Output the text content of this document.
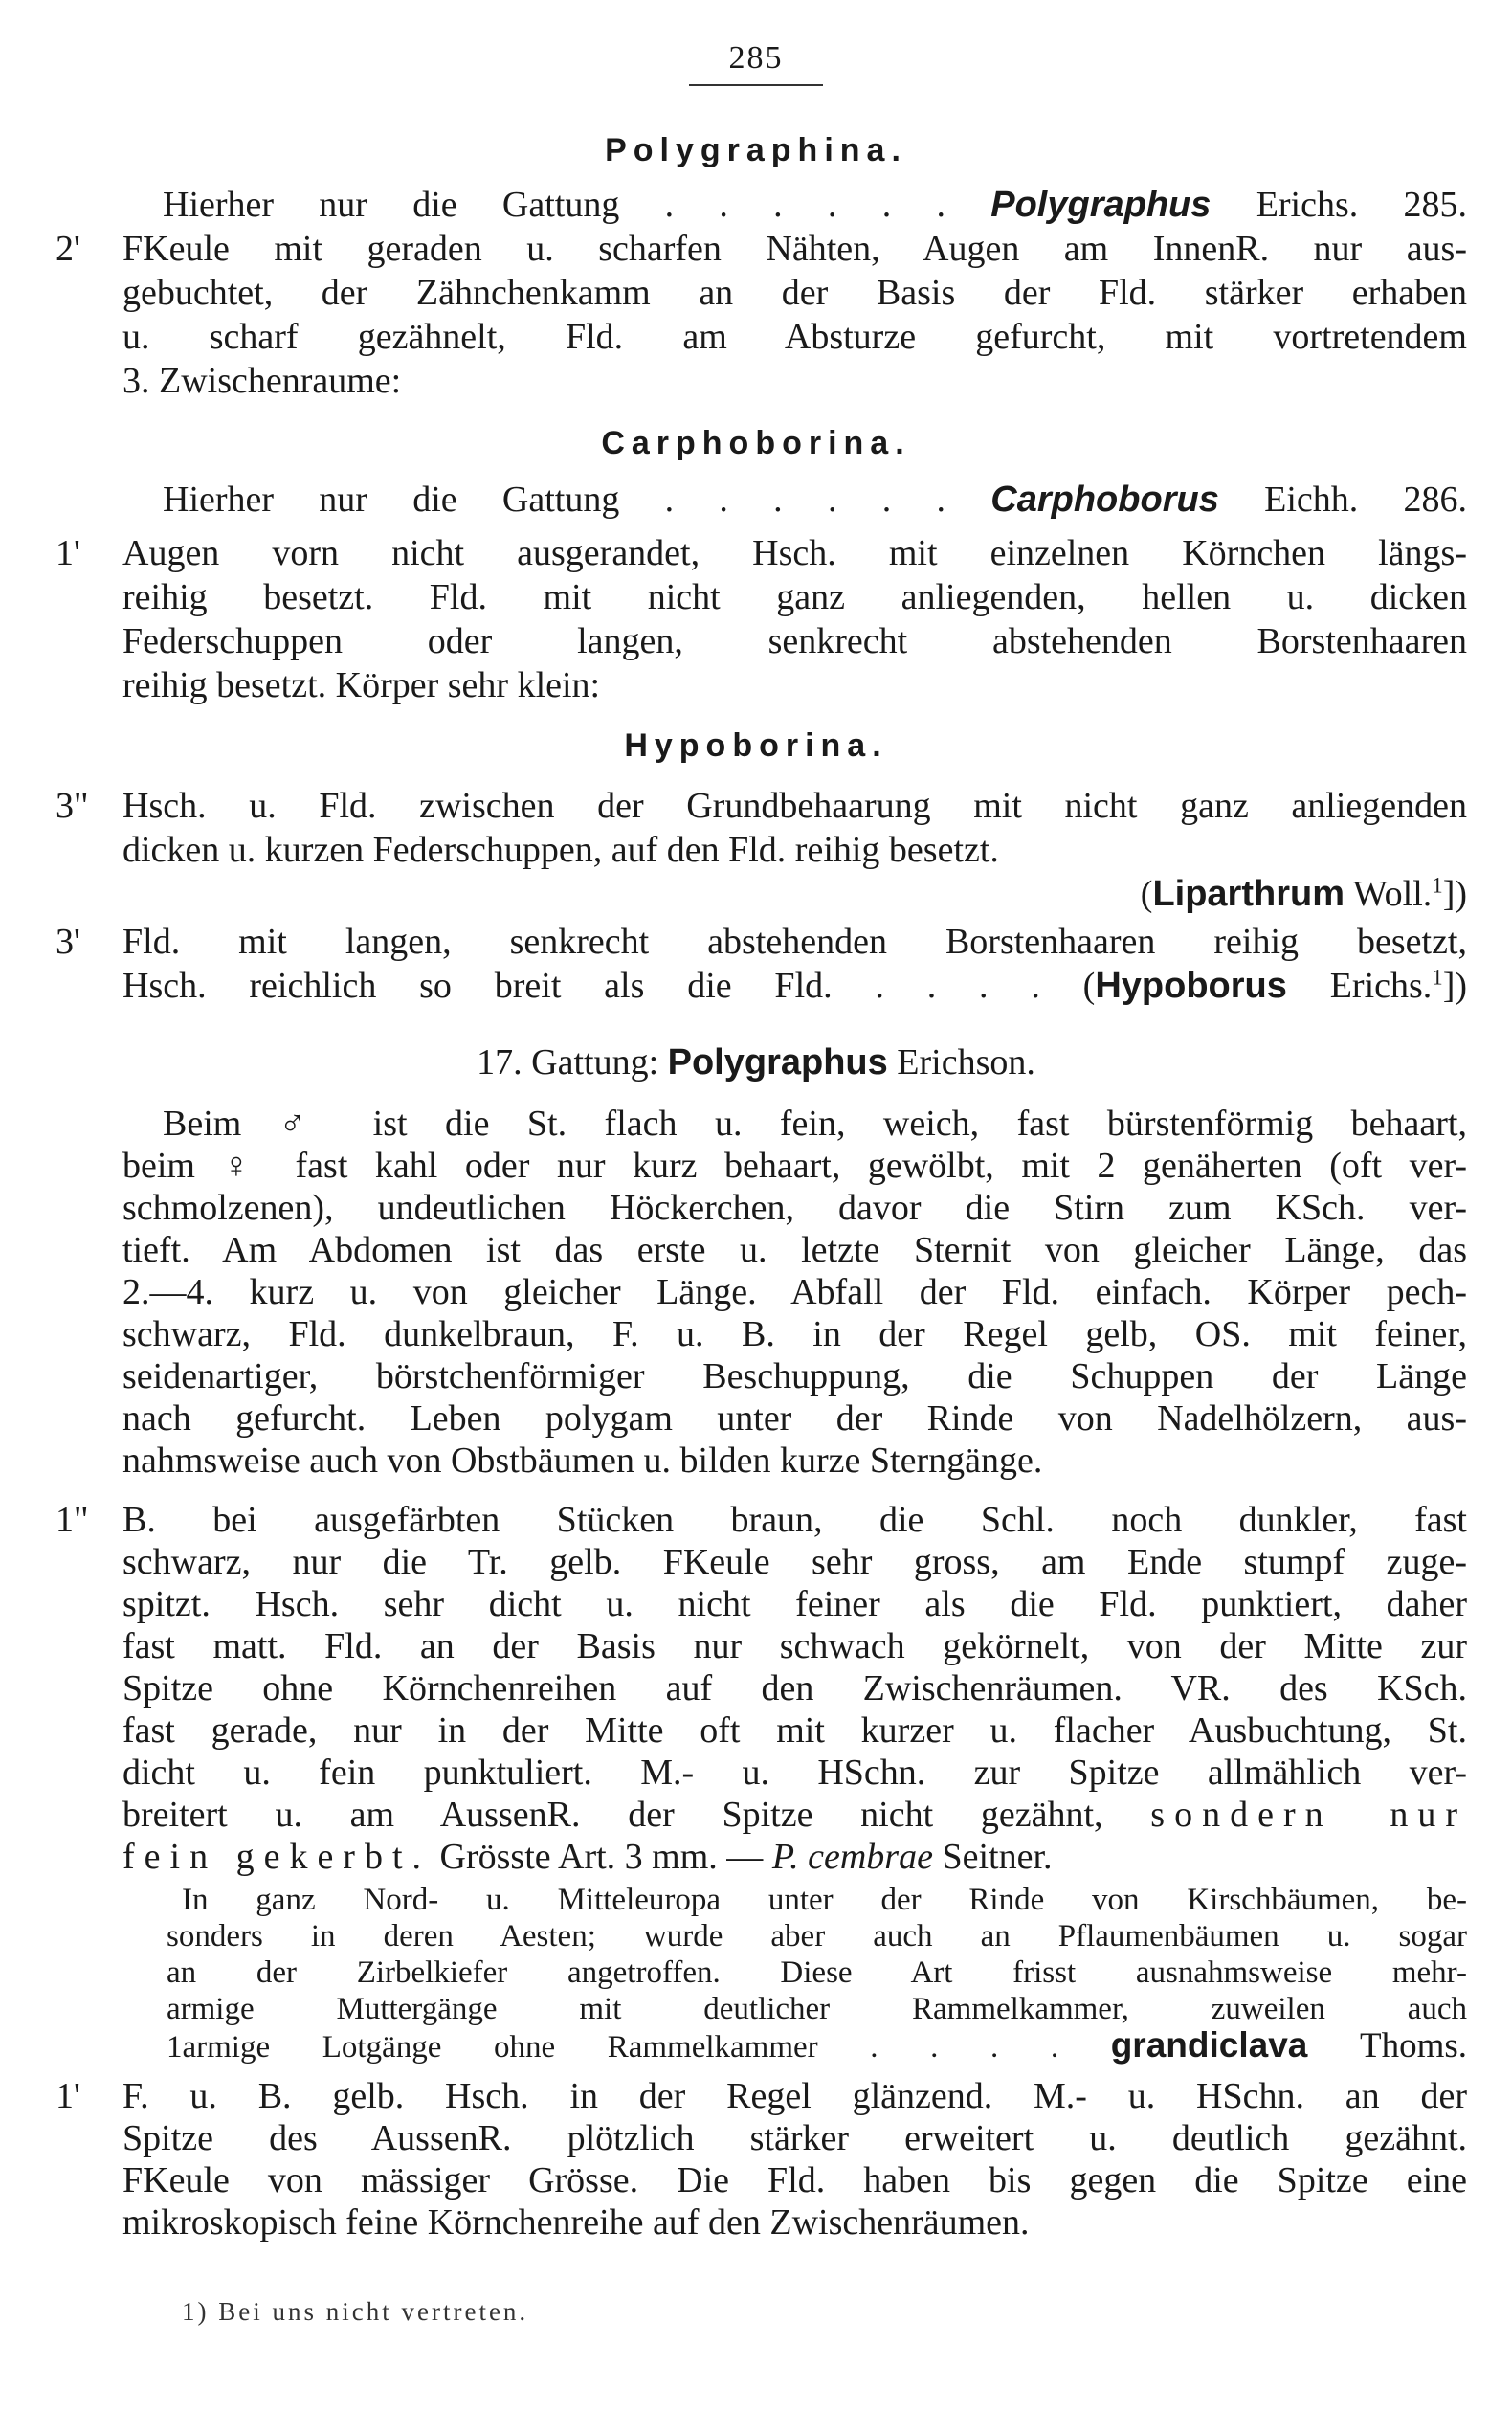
285
Polygraphina.
Hierher nur die Gattung . . . . . . Polygraphus Erichs. 285.
2' FKeule mit geraden u. scharfen Nähten, Augen am InnenR. nur aus-
gebuchtet, der Zähnchenkamm an der Basis der Fld. stärker erhaben
u. scharf gezähnelt, Fld. am Absturze gefurcht, mit vortretendem
3. Zwischenraume:
Carphoborina.
Hierher nur die Gattung . . . . . . Carphoborus Eichh. 286.
1' Augen vorn nicht ausgerandet, Hsch. mit einzelnen Körnchen längs-
reihig besetzt. Fld. mit nicht ganz anliegenden, hellen u. dicken
Federschuppen oder langen, senkrecht abstehenden Borstenhaaren
reihig besetzt. Körper sehr klein:
Hypoborina.
3" Hsch. u. Fld. zwischen der Grundbehaarung mit nicht ganz anliegenden
dicken u. kurzen Federschuppen, auf den Fld. reihig besetzt.
(Liparthrum Woll.$^1$])
3' Fld. mit langen, senkrecht abstehenden Borstenhaaren reihig besetzt,
Hsch. reichlich so breit als die Fld. . . . . (Hypoborus Erichs.$^1$])
17. Gattung: Polygraphus Erichson.
Beim ♂ ist die St. flach u. fein, weich, fast bürstenförmig behaart,
beim ♀ fast kahl oder nur kurz behaart, gewölbt, mit 2 genäherten (oft ver-
schmolzenen), undeutlichen Höckerchen, davor die Stirn zum KSch. ver-
tieft. Am Abdomen ist das erste u. letzte Sternit von gleicher Länge, das
2.—4. kurz u. von gleicher Länge. Abfall der Fld. einfach. Körper pech-
schwarz, Fld. dunkelbraun, F. u. B. in der Regel gelb, OS. mit feiner,
seidenartiger, börstchenförmiger Beschuppung, die Schuppen der Länge
nach gefurcht. Leben polygam unter der Rinde von Nadelhölzern, aus-
nahmsweise auch von Obstbäumen u. bilden kurze Sterngänge.
1" B. bei ausgefärbten Stücken braun, die Schl. noch dunkler, fast
schwarz, nur die Tr. gelb. FKeule sehr gross, am Ende stumpf zuge-
spitzt. Hsch. sehr dicht u. nicht feiner als die Fld. punktiert, daher
fast matt. Fld. an der Basis nur schwach gekörnelt, von der Mitte zur
Spitze ohne Körnchenreihen auf den Zwischenräumen. VR. des KSch.
fast gerade, nur in der Mitte oft mit kurzer u. flacher Ausbuchtung, St.
dicht u. fein punktuliert. M.- u. HSchn. zur Spitze allmählich ver-
breitert u. am AussenR. der Spitze nicht gezähnt, sondern nur
fein gekerbt. Grösste Art. 3 mm. — P. cembrae Seitner.
In ganz Nord- u. Mitteleuropa unter der Rinde von Kirschbäumen, be-
sonders in deren Aesten; wurde aber auch an Pflaumenbäumen u. sogar
an der Zirbelkiefer angetroffen. Diese Art frisst ausnahmsweise mehr-
armige Muttergänge mit deutlicher Rammelkammer, zuweilen auch
1armige Lotgänge ohne Rammelkammer . . . . grandiclava Thoms.
1' F. u. B. gelb. Hsch. in der Regel glänzend. M.- u. HSchn. an der
Spitze des AussenR. plötzlich stärker erweitert u. deutlich gezähnt.
FKeule von mässiger Grösse. Die Fld. haben bis gegen die Spitze eine
mikroskopisch feine Körnchenreihe auf den Zwischenräumen.
1) Bei uns nicht vertreten.
